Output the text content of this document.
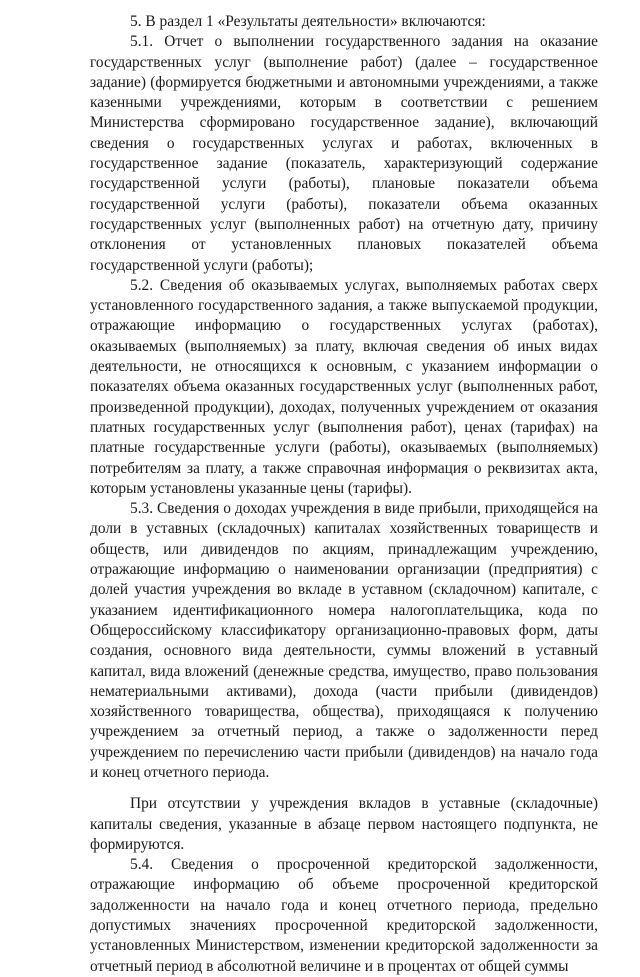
5. В раздел 1 «Результаты деятельности» включаются:

5.1. Отчет о выполнении государственного задания на оказание государственных услуг (выполнение работ) (далее – государственное задание) (формируется бюджетными и автономными учреждениями, а также казенными учреждениями, которым в соответствии с решением Министерства сформировано государственное задание), включающий сведения о государственных услугах и работах, включенных в государственное задание (показатель, характеризующий содержание государственной услуги (работы), плановые показатели объема государственной услуги (работы), показатели объема оказанных государственных услуг (выполненных работ) на отчетную дату, причину отклонения от установленных плановых показателей объема государственной услуги (работы);

5.2. Сведения об оказываемых услугах, выполняемых работах сверх установленного государственного задания, а также выпускаемой продукции, отражающие информацию о государственных услугах (работах), оказываемых (выполняемых) за плату, включая сведения об иных видах деятельности, не относящихся к основным, с указанием информации о показателях объема оказанных государственных услуг (выполненных работ, произведенной продукции), доходах, полученных учреждением от оказания платных государственных услуг (выполнения работ), ценах (тарифах) на платные государственные услуги (работы), оказываемых (выполняемых) потребителям за плату, а также справочная информация о реквизитах акта, которым установлены указанные цены (тарифы).

5.3. Сведения о доходах учреждения в виде прибыли, приходящейся на доли в уставных (складочных) капиталах хозяйственных товариществ и обществ, или дивидендов по акциям, принадлежащим учреждению, отражающие информацию о наименовании организации (предприятия) с долей участия учреждения во вкладе в уставном (складочном) капитале, с указанием идентификационного номера налогоплательщика, кода по Общероссийскому классификатору организационно-правовых форм, даты создания, основного вида деятельности, суммы вложений в уставный капитал, вида вложений (денежные средства, имущество, право пользования нематериальными активами), дохода (части прибыли (дивидендов) хозяйственного товарищества, общества), приходящаяся к получению учреждением за отчетный период, а также о задолженности перед учреждением по перечислению части прибыли (дивидендов) на начало года и конец отчетного периода.

При отсутствии у учреждения вкладов в уставные (складочные) капиталы сведения, указанные в абзаце первом настоящего подпункта, не формируются.

5.4. Сведения о просроченной кредиторской задолженности, отражающие информацию об объеме просроченной кредиторской задолженности на начало года и конец отчетного периода, предельно допустимых значениях просроченной кредиторской задолженности, установленных Министерством, изменении кредиторской задолженности за отчетный период в абсолютной величине и в процентах от общей суммы
